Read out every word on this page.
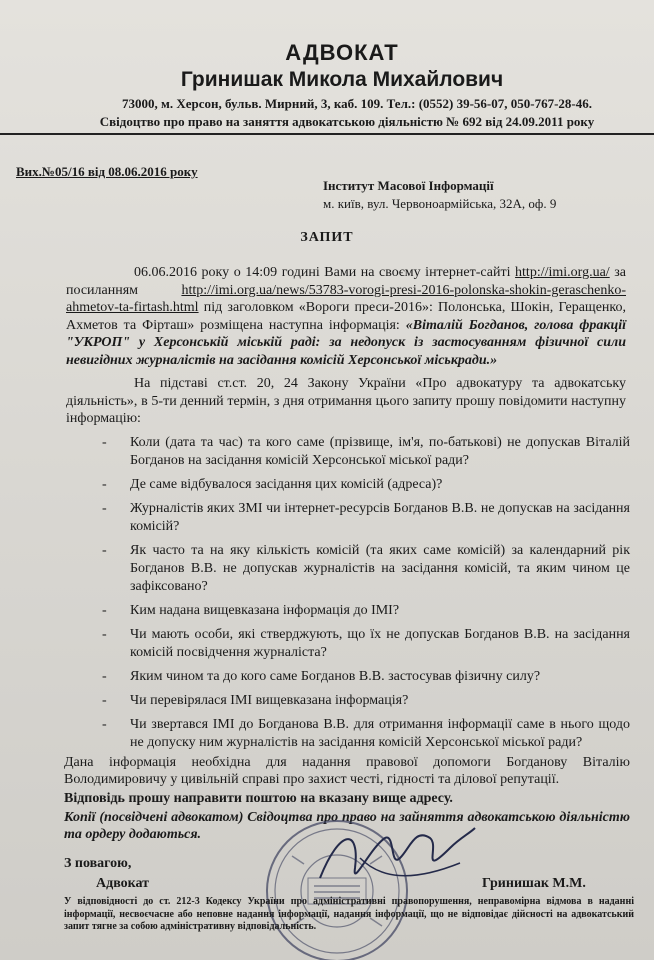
АДВОКАТ
Гринишак Микола Михайлович
73000, м. Херсон, бульв. Мирний, 3, каб. 109. Тел.: (0552) 39-56-07, 050-767-28-46.
Свідоцтво про право на заняття адвокатською діяльністю № 692 від 24.09.2011 року
Вих.№05/16 від 08.06.2016 року
Інститут Масової Інформації
м. київ, вул. Червоноармійська, 32А, оф. 9
ЗАПИТ

06.06.2016 року о 14:09 годині Вами на своєму інтернет-сайті http://imi.org.ua/ за посиланням http://imi.org.ua/news/53783-vorogi-presi-2016-polonska-shokin-geraschenko-ahmetov-ta-firtash.html під заголовком «Вороги преси-2016»: Полонська, Шокін, Геращенко, Ахметов та Фірташ» розміщена наступна інформація: «Віталій Богданов, голова фракції "УКРОП" у Херсонській міській раді: за недопуск із застосуванням фізичної сили невигідних журналістів на засідання комісій Херсонської міськради.»

На підставі ст.ст. 20, 24 Закону України «Про адвокатуру та адвокатську діяльність», в 5-ти денний термін, з дня отримання цього запиту прошу повідомити наступну інформацію:

- Коли (дата та час) та кого саме (прізвище, ім'я, по-батькові) не допускав Віталій Богданов на засідання комісій Херсонської міської ради?
- Де саме відбувалося засідання цих комісій (адреса)?
- Журналістів яких ЗМІ чи інтернет-ресурсів Богданов В.В. не допускав на засідання комісій?
- Як часто та на яку кількість комісій (та яких саме комісій) за календарний рік Богданов В.В. не допускав журналістів на засідання комісій, та яким чином це зафіксовано?
- Ким надана вищевказана інформація до ІМІ?
- Чи мають особи, які стверджують, що їх не допускав Богданов В.В. на засідання комісій посвідчення журналіста?
- Яким чином та до кого саме Богданов В.В. застосував фізичну силу?
- Чи перевірялася ІМІ вищевказана інформація?
- Чи звертався ІМІ до Богданова В.В. для отримання інформації саме в нього щодо не допуску ним журналістів на засідання комісій Херсонської міської ради?
Дана інформація необхідна для надання правової допомоги Богданову Віталію Володимировичу у цивільній справі про захист честі, гідності та ділової репутації.
Відповідь прошу направити поштою на вказану вище адресу.
Копії (посвідчені адвокатом) Свідоцтва про право на зайняття адвокатською діяльністю та ордеру додаються.
З повагою,
Адвокат	Гринишак М.М.
У відповідності до ст. 212-3 Кодексу України про адміністративні правопорушення, неправомірна відмова в наданні інформації, несвоєчасне або неповне надання інформації, надання інформації, що не відповідає дійсності на адвокатський запит тягне за собою адміністративну відповідальність.
